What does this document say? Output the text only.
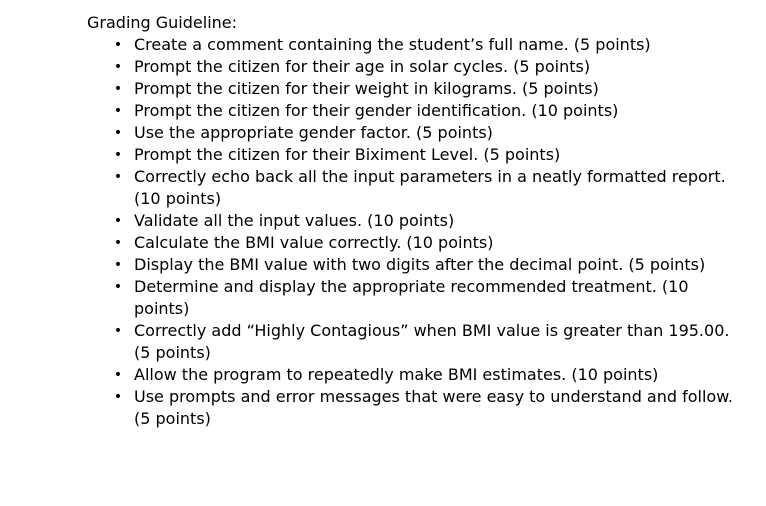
Grading Guideline:

• Create a comment containing the student’s full name. (5 points)
• Prompt the citizen for their age in solar cycles. (5 points)
• Prompt the citizen for their weight in kilograms. (5 points)
• Prompt the citizen for their gender identification. (10 points)
• Use the appropriate gender factor. (5 points)
• Prompt the citizen for their Biximent Level. (5 points)
• Correctly echo back all the input parameters in a neatly formatted report. (10 points)
• Validate all the input values. (10 points)
• Calculate the BMI value correctly. (10 points)
• Display the BMI value with two digits after the decimal point. (5 points)
• Determine and display the appropriate recommended treatment. (10 points)
• Correctly add “Highly Contagious” when BMI value is greater than 195.00. (5 points)
• Allow the program to repeatedly make BMI estimates. (10 points)
• Use prompts and error messages that were easy to understand and follow. (5 points)
